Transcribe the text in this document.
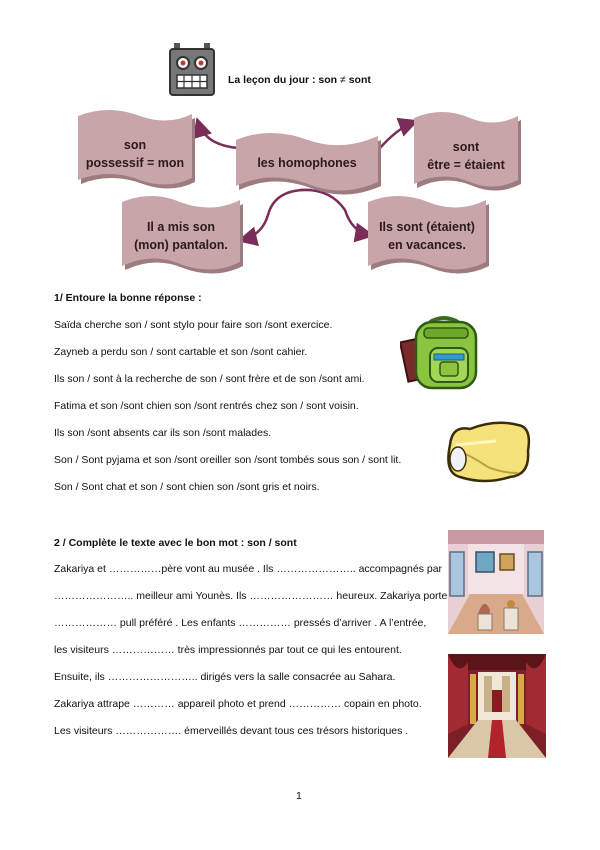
La leçon du jour : son ≠ sont
son
possessif = mon	les homophones
sont
être = étaient
Il a mis son
(mon) pantalon.
Ils sont (étaient)
en vacances.
1/ Entoure la bonne réponse :
Saïda cherche son / sont stylo pour faire son /sont exercice.
Zayneb a perdu son / sont cartable et son /sont cahier.
Ils son / sont à la recherche de son / sont frère et de son /sont ami.
Fatima et son /sont chien son /sont rentrés chez son / sont voisin.
Ils son /sont absents car ils son /sont malades.
Son / Sont pyjama et son /sont oreiller son /sont tombés sous son / sont lit.
Son / Sont chat et son / sont chien son /sont gris et noirs.
2 / Complète le texte avec le bon mot : son / sont
Zakariya et ……………père vont au musée . Ils ………………….. accompagnés par
………………….. meilleur ami Younès. Ils …………………… heureux. Zakariya porte
……………… pull préféré . Les enfants …………… pressés d’arriver . A l’entrée,
les visiteurs ……………… très impressionnés par tout ce qui les entourent.
Ensuite, ils …………………….. dirigés vers la salle consacrée au Sahara.
Zakariya attrape ………… appareil photo et prend …………… copain en photo.
Les visiteurs ………………. émerveillés devant tous ces trésors historiques .
1
